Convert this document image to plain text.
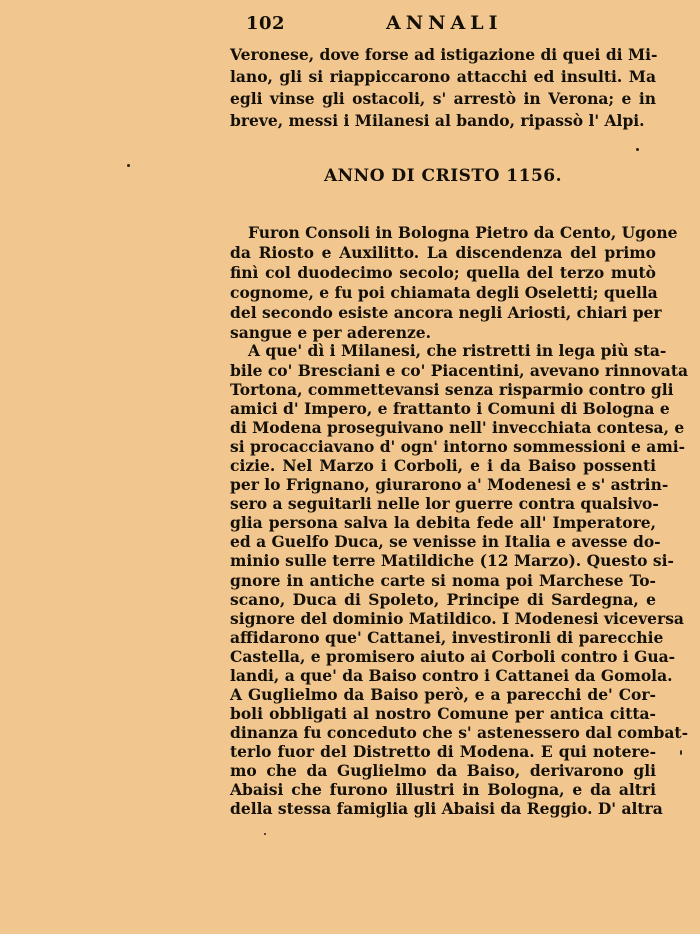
102	ANNALI
Veronese, dove forse ad istigazione di quei di Mi-
lano, gli si riappiccarono attacchi ed insulti. Ma
egli vinse gli ostacoli, s' arrestò in Verona; e in
breve, messi i Milanesi al bando, ripassò l' Alpi.
ANNO DI CRISTO 1156.
Furon Consoli in Bologna Pietro da Cento, Ugone
da Riosto e Auxilitto. La discendenza del primo
finì col duodecimo secolo; quella del terzo mutò
cognome, e fu poi chiamata degli Oseletti; quella
del secondo esiste ancora negli Ariosti, chiari per
sangue e per aderenze.
A que' dì i Milanesi, che ristretti in lega più sta-
bile co' Bresciani e co' Piacentini, avevano rinnovata
Tortona, commettevansi senza risparmio contro gli
amici d' Impero, e frattanto i Comuni di Bologna e
di Modena proseguivano nell' invecchiata contesa, e
si procacciavano d' ogn' intorno sommessioni e ami-
cizie. Nel Marzo i Corboli, e i da Baiso possenti
per lo Frignano, giurarono a' Modenesi e s' astrin-
sero a seguitarli nelle lor guerre contra qualsivo-
glia persona salva la debita fede all' Imperatore,
ed a Guelfo Duca, se venisse in Italia e avesse do-
minio sulle terre Matildiche (12 Marzo). Questo si-
gnore in antiche carte si noma poi Marchese To-
scano, Duca di Spoleto, Principe di Sardegna, e
signore del dominio Matildico. I Modenesi viceversa
affidarono que' Cattanei, investironli di parecchie
Castella, e promisero aiuto ai Corboli contro i Gua-
landi, a que' da Baiso contro i Cattanei da Gomola.
A Guglielmo da Baiso però, e a parecchi de' Cor-
boli obbligati al nostro Comune per antica citta-
dinanza fu conceduto che s' astenessero dal combat-
terlo fuor del Distretto di Modena. E qui notere-
mo che da Guglielmo da Baiso, derivarono gli
Abaisi che furono illustri in Bologna, e da altri
della stessa famiglia gli Abaisi da Reggio. D' altra
